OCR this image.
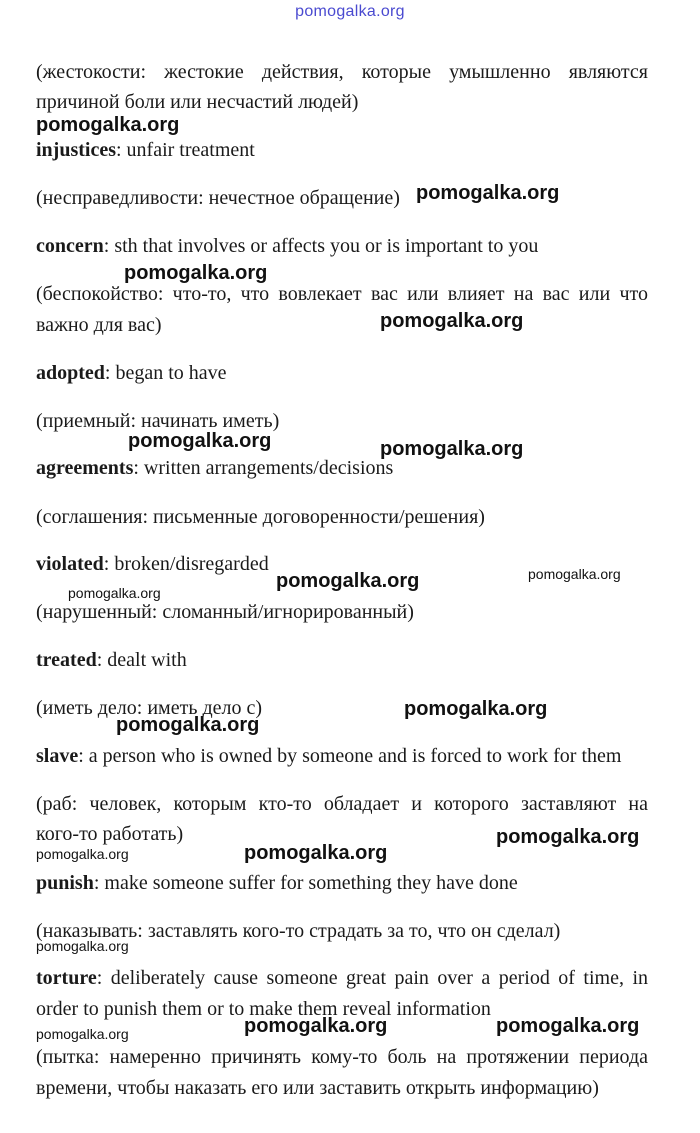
pomogalka.org
(жестокости: жестокие действия, которые умышленно являются
причиной боли или несчастий людей)
injustices: unfair treatment
(несправедливости: нечестное обращение)
concern: sth that involves or affects you or is important to you
(беспокойство: что-то, что вовлекает вас или влияет на вас или что
важно для вас)
adopted: began to have
(приемный: начинать иметь)
agreements: written arrangements/decisions
(соглашения: письменные договоренности/решения)
violated: broken/disregarded
(нарушенный: сломанный/игнорированный)
treated: dealt with
(иметь дело: иметь дело с)
slave: a person who is owned by someone and is forced to work for them
(раб: человек, которым кто-то обладает и которого заставляют на
кого-то работать)
punish: make someone suffer for something they have done
(наказывать: заставлять кого-то страдать за то, что он сделал)
torture: deliberately cause someone great pain over a period of time, in
order to punish them or to make them reveal information
(пытка: намеренно причинять кому-то боль на протяжении периода
времени, чтобы наказать его или заставить открыть информацию)
pomogalka.org
pomogalka.org
pomogalka.org
pomogalka.org
pomogalka.org	pomogalka.org
pomogalka.org	pomogalka.org
pomogalka.org
pomogalka.org
pomogalka.org
pomogalka.org
pomogalka.org	pomogalka.org
pomogalka.org
pomogalka.org	pomogalka.org	pomogalka.org
